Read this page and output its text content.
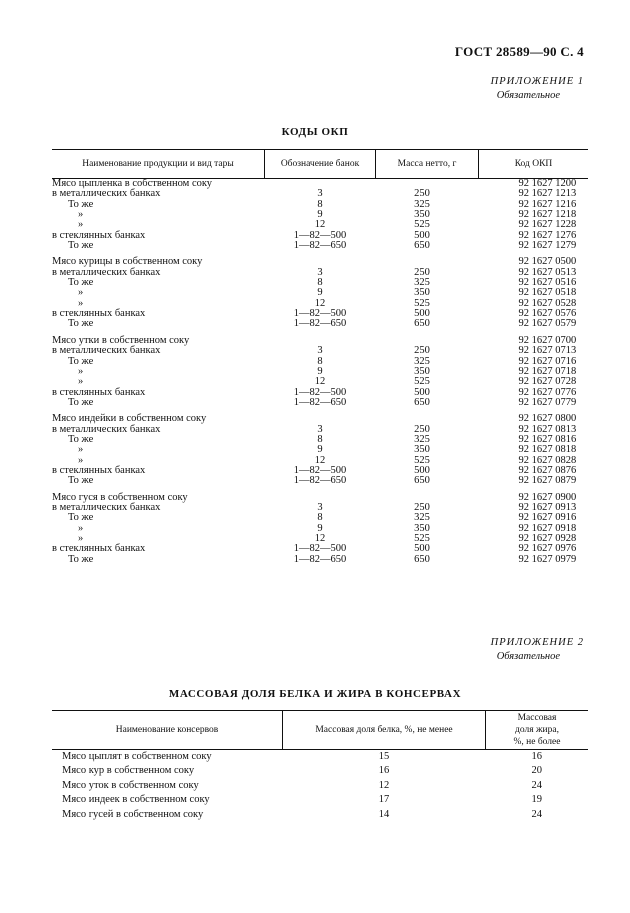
ГОСТ 28589—90 С. 4
ПРИЛОЖЕНИЕ 1
Обязательное
КОДЫ ОКП
Наименование продукции и вид тары	Обозначение банок	Масса нетто, г	Код ОКП
Мясо цыпленка в собственном соку			92 1627 1200
в металлических банках	3	250	92 1627 1213
То же	8	325	92 1627 1216
»	9	350	92 1627 1218
»	12	525	92 1627 1228
в стеклянных банках	1—82—500	500	92 1627 1276
То же	1—82—650	650	92 1627 1279

Мясо курицы в собственном соку			92 1627 0500
в металлических банках	3	250	92 1627 0513
То же	8	325	92 1627 0516
»	9	350	92 1627 0518
»	12	525	92 1627 0528
в стеклянных банках	1—82—500	500	92 1627 0576
То же	1—82—650	650	92 1627 0579

Мясо утки в собственном соку			92 1627 0700
в металлических банках	3	250	92 1627 0713
То же	8	325	92 1627 0716
»	9	350	92 1627 0718
»	12	525	92 1627 0728
в стеклянных банках	1—82—500	500	92 1627 0776
То же	1—82—650	650	92 1627 0779

Мясо индейки в собственном соку			92 1627 0800
в металлических банках	3	250	92 1627 0813
То же	8	325	92 1627 0816
»	9	350	92 1627 0818
»	12	525	92 1627 0828
в стеклянных банках	1—82—500	500	92 1627 0876
То же	1—82—650	650	92 1627 0879

Мясо гуся в собственном соку			92 1627 0900
в металлических банках	3	250	92 1627 0913
То же	8	325	92 1627 0916
»	9	350	92 1627 0918
»	12	525	92 1627 0928
в стеклянных банках	1—82—500	500	92 1627 0976
То же	1—82—650	650	92 1627 0979
ПРИЛОЖЕНИЕ 2
Обязательное
МАССОВАЯ ДОЛЯ БЕЛКА И ЖИРА В КОНСЕРВАХ
Наименование консервов	Массовая доля белка, %, не менее	Массовая доля жира, %, не более
Мясо цыплят в собственном соку	15	16
Мясо кур в собственном соку	16	20
Мясо уток в собственном соку	12	24
Мясо индеек в собственном соку	17	19
Мясо гусей в собственном соку	14	24
